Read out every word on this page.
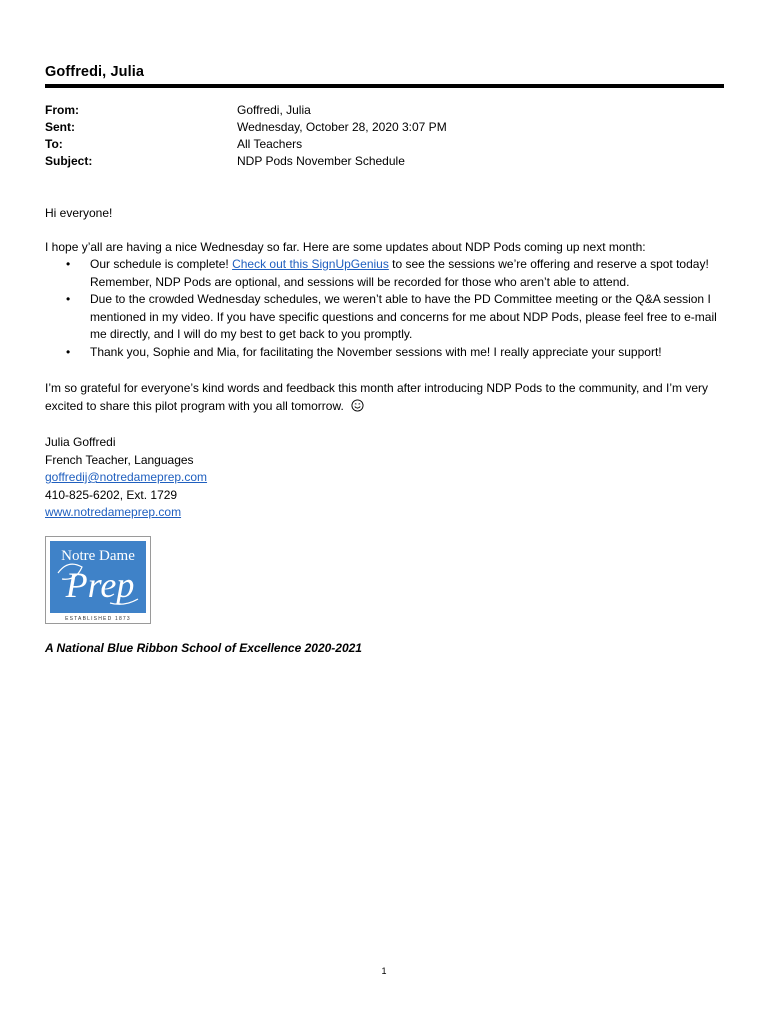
Goffredi, Julia
From:	Goffredi, Julia
Sent:	Wednesday, October 28, 2020 3:07 PM
To:	All Teachers
Subject:	NDP Pods November Schedule
Hi everyone!
I hope y’all are having a nice Wednesday so far. Here are some updates about NDP Pods coming up next month:
• Our schedule is complete! Check out this SignUpGenius to see the sessions we’re offering and reserve a spot today! Remember, NDP Pods are optional, and sessions will be recorded for those who aren’t able to attend.
• Due to the crowded Wednesday schedules, we weren’t able to have the PD Committee meeting or the Q&A session I mentioned in my video. If you have specific questions and concerns for me about NDP Pods, please feel free to e-mail me directly, and I will do my best to get back to you promptly.
• Thank you, Sophie and Mia, for facilitating the November sessions with me! I really appreciate your support!
I’m so grateful for everyone’s kind words and feedback this month after introducing NDP Pods to the community, and I’m very excited to share this pilot program with you all tomorrow.
Julia Goffredi
French Teacher, Languages
goffredij@notredameprep.com
410-825-6202, Ext. 1729
www.notredameprep.com
Notre Dame
Prep
ESTABLISHED 1873
A National Blue Ribbon School of Excellence 2020-2021
1
